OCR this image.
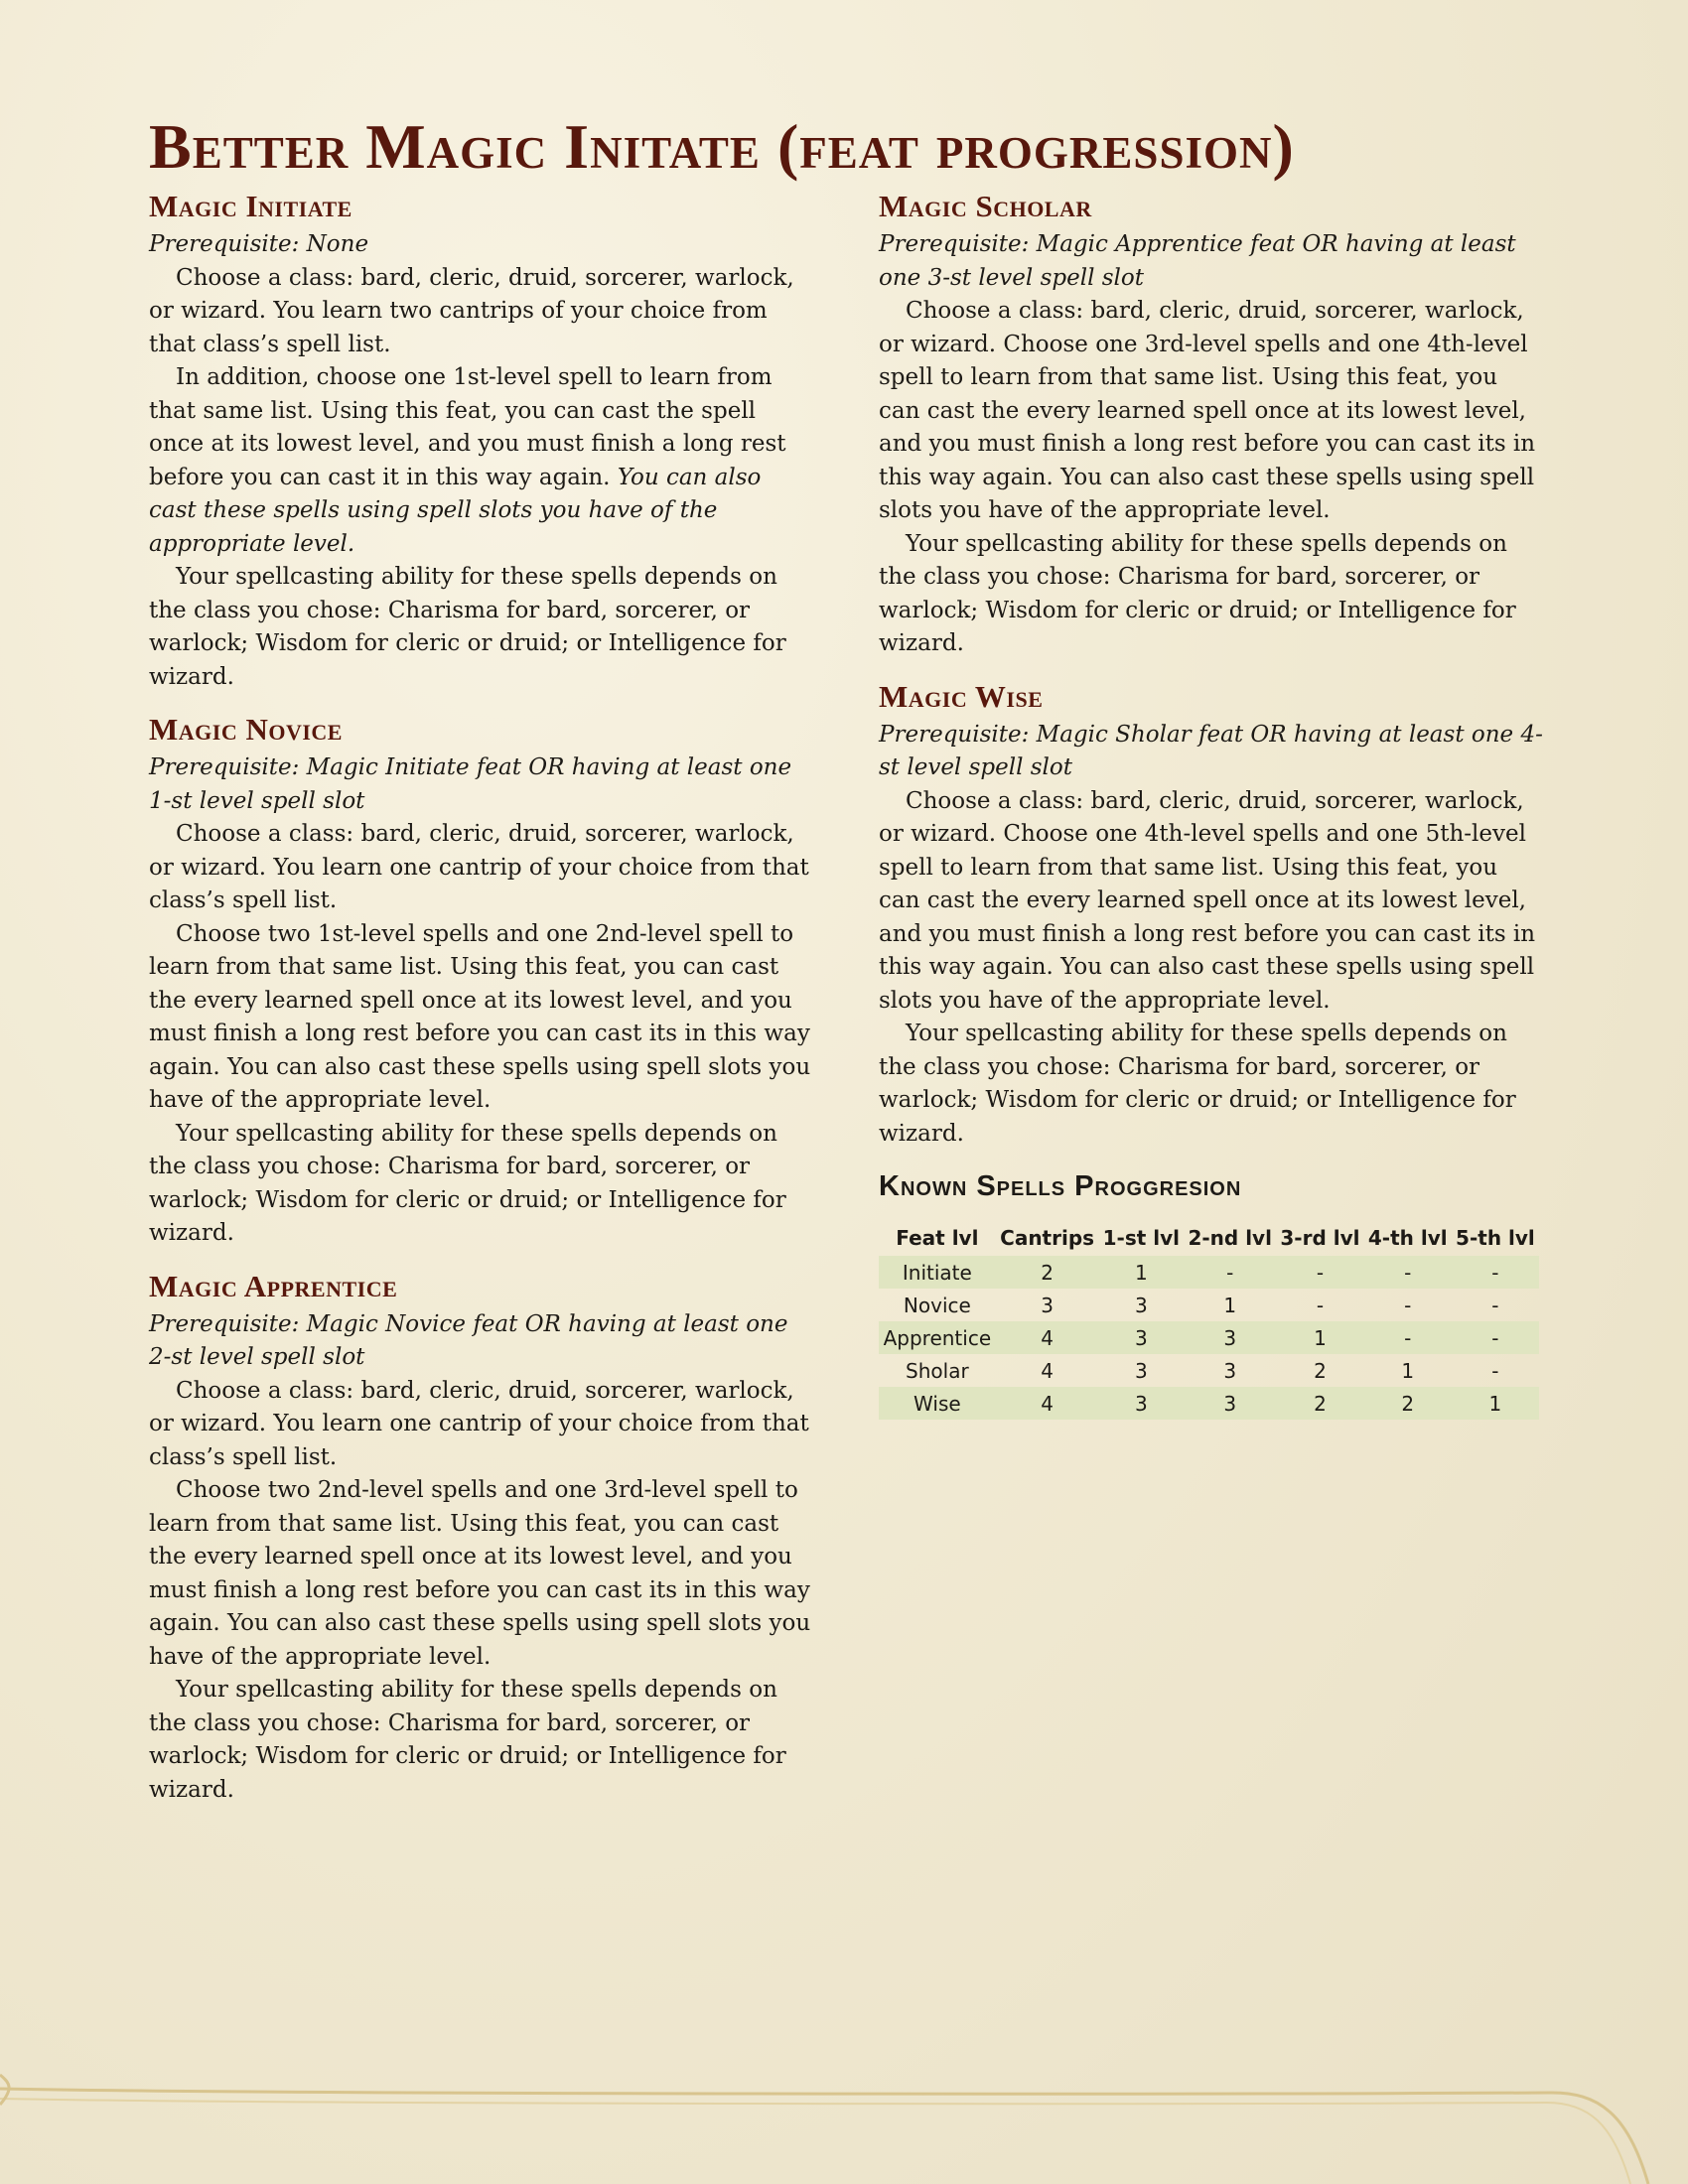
Better Magic Initate (feat progression)
Magic Initiate

Prerequisite: None

Choose a class: bard, cleric, druid, sorcerer, warlock, or wizard. You learn two cantrips of your choice from that class’s spell list.

In addition, choose one 1st-level spell to learn from that same list. Using this feat, you can cast the spell once at its lowest level, and you must finish a long rest before you can cast it in this way again. You can also cast these spells using spell slots you have of the appropriate level.

Your spellcasting ability for these spells depends on the class you chose: Charisma for bard, sorcerer, or warlock; Wisdom for cleric or druid; or Intelligence for wizard.

Magic Novice

Prerequisite: Magic Initiate feat OR having at least one 1-st level spell slot

Choose a class: bard, cleric, druid, sorcerer, warlock, or wizard. You learn one cantrip of your choice from that class’s spell list.

Choose two 1st-level spells and one 2nd-level spell to learn from that same list. Using this feat, you can cast the every learned spell once at its lowest level, and you must finish a long rest before you can cast its in this way again. You can also cast these spells using spell slots you have of the appropriate level.

Your spellcasting ability for these spells depends on the class you chose: Charisma for bard, sorcerer, or warlock; Wisdom for cleric or druid; or Intelligence for wizard.

Magic Apprentice

Prerequisite: Magic Novice feat OR having at least one 2-st level spell slot

Choose a class: bard, cleric, druid, sorcerer, warlock, or wizard. You learn one cantrip of your choice from that class’s spell list.

Choose two 2nd-level spells and one 3rd-level spell to learn from that same list. Using this feat, you can cast the every learned spell once at its lowest level, and you must finish a long rest before you can cast its in this way again. You can also cast these spells using spell slots you have of the appropriate level.

Your spellcasting ability for these spells depends on the class you chose: Charisma for bard, sorcerer, or warlock; Wisdom for cleric or druid; or Intelligence for wizard.

Magic Scholar

Prerequisite: Magic Apprentice feat OR having at least one 3-st level spell slot

Choose a class: bard, cleric, druid, sorcerer, warlock, or wizard. Choose one 3rd-level spells and one 4th-level spell to learn from that same list. Using this feat, you can cast the every learned spell once at its lowest level, and you must finish a long rest before you can cast its in this way again. You can also cast these spells using spell slots you have of the appropriate level.

Your spellcasting ability for these spells depends on the class you chose: Charisma for bard, sorcerer, or warlock; Wisdom for cleric or druid; or Intelligence for wizard.

Magic Wise

Prerequisite: Magic Sholar feat OR having at least one 4-st level spell slot

Choose a class: bard, cleric, druid, sorcerer, warlock, or wizard. Choose one 4th-level spells and one 5th-level spell to learn from that same list. Using this feat, you can cast the every learned spell once at its lowest level, and you must finish a long rest before you can cast its in this way again. You can also cast these spells using spell slots you have of the appropriate level.

Your spellcasting ability for these spells depends on the class you chose: Charisma for bard, sorcerer, or warlock; Wisdom for cleric or druid; or Intelligence for wizard.

Known Spells Proggresion
Feat lvl	Cantrips	1-st lvl	2-nd lvl	3-rd lvl	4-th lvl	5-th lvl
Initiate	2	1	-	-	-	-
Novice	3	3	1	-	-	-
Apprentice	4	3	3	1	-	-
Sholar	4	3	3	2	1	-
Wise	4	3	3	2	2	1
